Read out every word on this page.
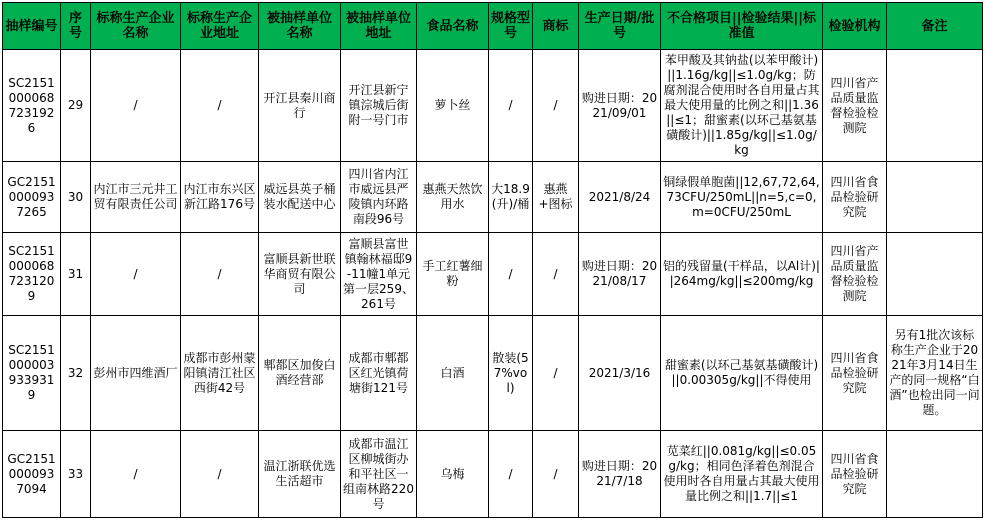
抽样编号	序号	标称生产企业名称	标称生产企业地址	被抽样单位名称	被抽样单位地址	食品名称	规格型号	商标	生产日期/批号	不合格项目||检验结果||标准值	检验机构	备注
SC21510000687231926	29	/	/	开江县秦川商行	开江县新宁镇淙城后街附一号门市	萝卜丝	/	/	购进日期：2021/09/01	苯甲酸及其钠盐(以苯甲酸计)||1.16g/kg||≤1.0g/kg；防腐剂混合使用时各自用量占其最大使用量的比例之和||1.36||≤1；甜蜜素(以环己基氨基磺酸计)||1.85g/kg||≤1.0g/kg	四川省产品质量监督检验检测院	
GC21510000937265	30	内江市三元井工贸有限责任公司	内江市东兴区新江路176号	威远县英子桶装水配送中心	四川省内江市威远县严陵镇内环路南段96号	惠燕天然饮用水	大18.9(升)/桶	惠燕+图标	2021/8/24	铜绿假单胞菌||12,67,72,64,73CFU/250mL||n=5,c=0,m=0CFU/250mL	四川省食品检验研究院	
SC21510000687231209	31	/	/	富顺县新世联华商贸有限公司	富顺县富世镇翰林福邸9-11幢1单元第一层259、261号	手工红薯细粉	/	/	购进日期：2021/08/17	铝的残留量(干样品，以Al计)||264mg/kg||≤200mg/kg	四川省产品质量监督检验检测院	
SC21510000039339319	32	彭州市四维酒厂	成都市彭州蒙阳镇清江社区西街42号	郫都区加俊白酒经营部	成都市郫都区红光镇荷塘街121号	白酒	散装(57%vol)	/	2021/3/16	甜蜜素(以环己基氨基磺酸计)||0.00305g/kg||不得使用	四川省食品检验研究院	另有1批次该标称生产企业于2021年3月14日生产的同一规格“白酒”也检出同一问题。
GC21510000937094	33	/	/	温江浙联优选生活超市	成都市温江区柳城街办和平社区一组南林路220号	乌梅	/	/	购进日期：2021/7/18	苋菜红||0.081g/kg||≤0.05g/kg；相同色泽着色剂混合使用时各自用量占其最大使用量比例之和||1.7||≤1	四川省食品检验研究院	
